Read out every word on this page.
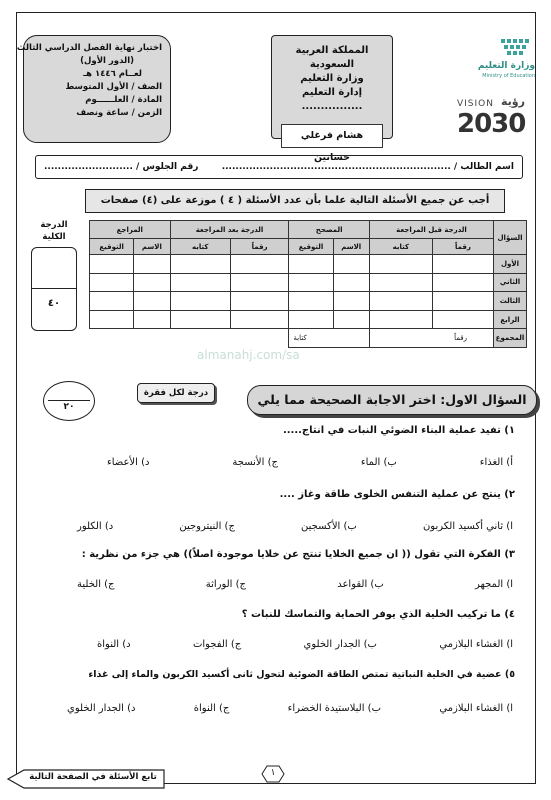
اختبار نهاية الفصل الدراسي الثالث
(الدور الأول)
لعــام ١٤٤٦ هـ
الصف / الأول المتوسط
المادة / العلــــــوم
الزمن / ساعة ونصف
المملكة العربية السعودية
وزارة التعليم
إدارة التعليم ................
هشام فرغلي حسانين
وزارة التعليم
Ministry of Education
VISION رؤية
2030
اسم الطالب / ...................................................................
رقم الجلوس / ..........................
أجب عن جميع الأسئلة التالية علما بأن عدد الأسئلة ( ٤ ) موزعة على (٤) صفحات
الدرجة
الكلية
٤٠
السؤال	الدرجة قبل المراجعة		المصحح		الدرجة بعد المراجعة		المراجع	
	رقماً	كتابه	الاسم	التوقيع	رقماً	كتابه	الاسم	التوقيع
الأول								
الثاني								
الثالث								
الرابع								
المجموع	رقماً		كتابة					
almanahj.com/sa
٢٠
درجة لكل فقرة	السؤال الاول: اختر الاجابة الصحيحة مما يلي
١) تفيد عملية البناء الضوئي النبات في انتاج.....
أ) الغذاء
ب) الماء
ج) الأنسجة
د) الأعضاء
٢) ينتج عن عملية التنفس الخلوى طاقة وغاز ....
ا) ثاني أكسيد الكربون
ب) الأكسجين
ج) النيتروجين
د) الكلور
٣) الفكرة التي تقول (( ان جميع الخلايا تنتج عن خلايا موجودة اصلاً)) هي جزء من نظرية :
ا) المجهر
ب) القواعد
ج) الوراثة
ج) الخلية
٤) ما تركيب الخلية الذي يوفر الحماية والتماسك للنبات ؟
ا) الغشاء البلازمي
ب) الجدار الخلوي
ج) الفجوات
د) النواة
٥) عضية في الخلية النباتية تمتص الطاقة الضوئية لتحول ثانى أكسيد الكربون والماء إلى غذاء
ا) الغشاء البلازمي
ب) البلاستيدة الخضراء
ج) النواة
د) الجدار الخلوي
تابع الأسئلة في الصفحة التالية	١
